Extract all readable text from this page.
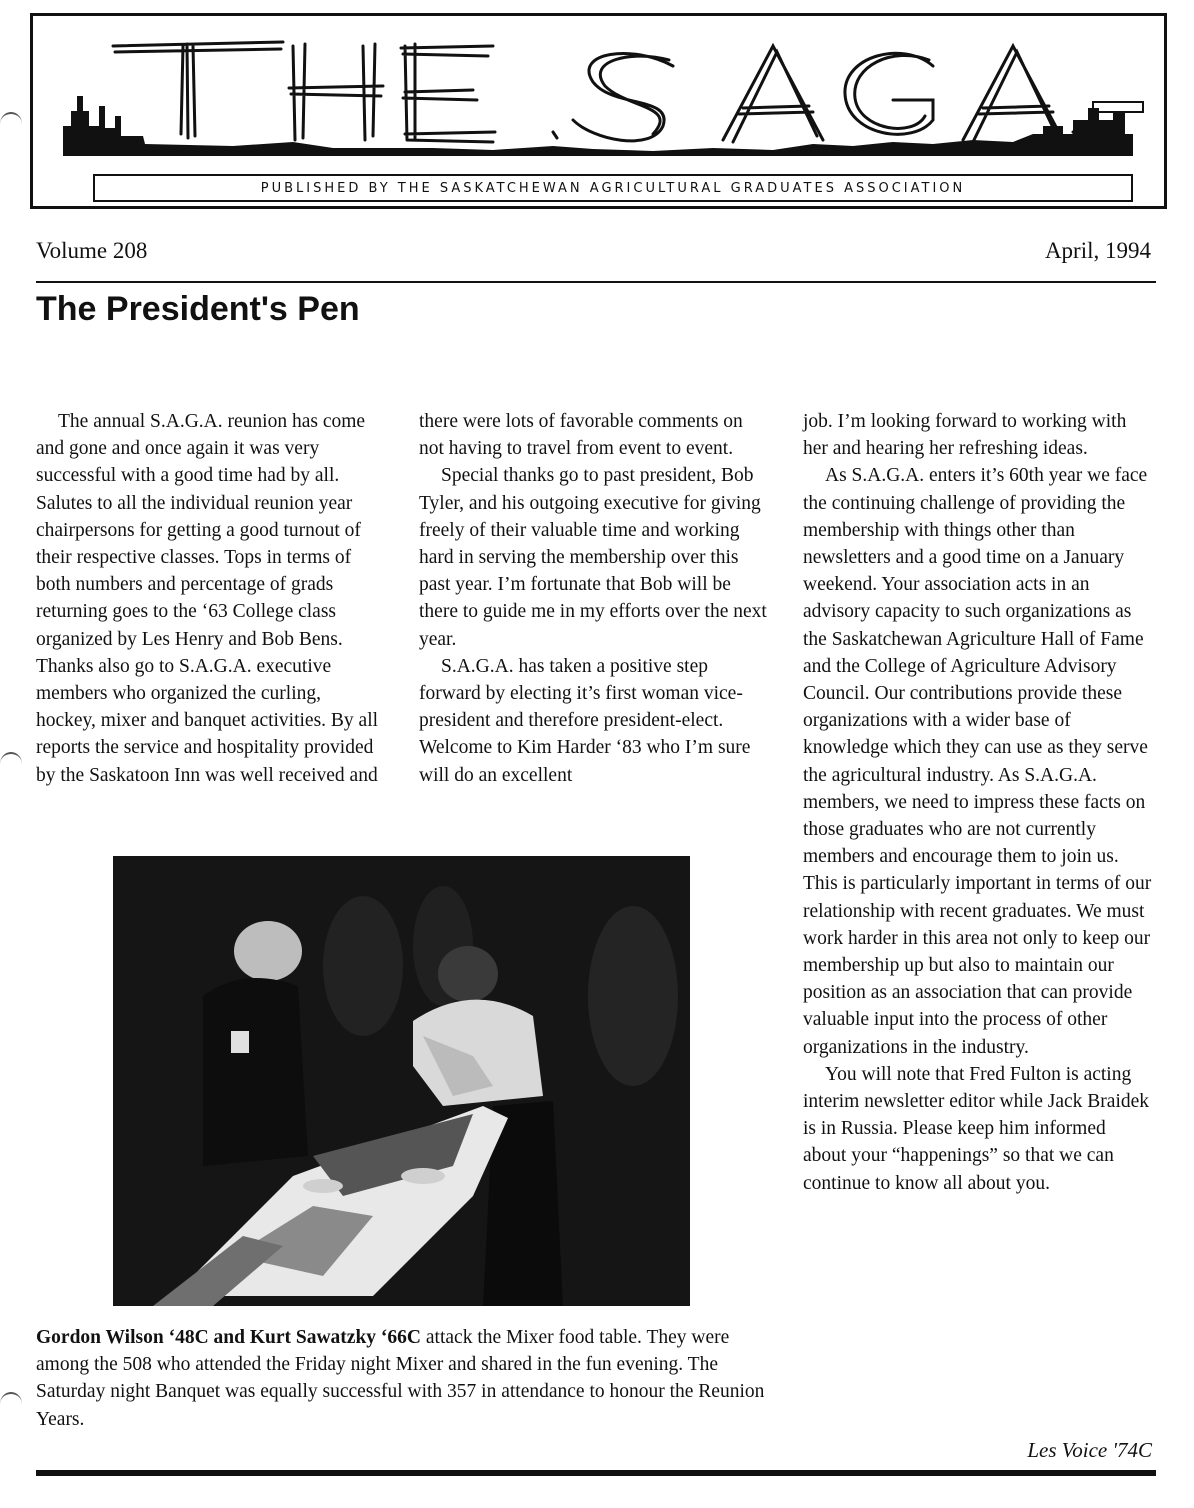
PUBLISHED BY THE SASKATCHEWAN AGRICULTURAL GRADUATES ASSOCIATION
Volume 208	April, 1994
The President's Pen

The annual S.A.G.A. reunion has come and gone and once again it was very successful with a good time had by all. Salutes to all the individual reunion year chairpersons for getting a good turnout of their respective classes. Tops in terms of both numbers and percentage of grads returning goes to the ‘63 College class organized by Les Henry and Bob Bens. Thanks also go to S.A.G.A. executive members who organized the curling, hockey, mixer and banquet activities. By all reports the service and hospitality provided by the Saskatoon Inn was well received and

there were lots of favorable comments on not having to travel from event to event.

Special thanks go to past president, Bob Tyler, and his outgoing executive for giving freely of their valuable time and working hard in serving the membership over this past year. I’m fortunate that Bob will be there to guide me in my efforts over the next year.

S.A.G.A. has taken a positive step forward by electing it’s first woman vice-president and therefore president-elect. Welcome to Kim Harder ‘83 who I’m sure will do an excellent

job. I’m looking forward to working with her and hearing her refreshing ideas.

As S.A.G.A. enters it’s 60th year we face the continuing challenge of providing the membership with things other than newsletters and a good time on a January weekend. Your association acts in an advisory capacity to such organizations as the Saskatchewan Agriculture Hall of Fame and the College of Agriculture Advisory Council. Our contributions provide these organizations with a wider base of knowledge which they can use as they serve the agricultural industry. As S.A.G.A. members, we need to impress these facts on those graduates who are not currently members and encourage them to join us. This is particularly important in terms of our relationship with recent graduates. We must work harder in this area not only to keep our membership up but also to maintain our position as an association that can provide valuable input into the process of other organizations in the industry.

You will note that Fred Fulton is acting interim newsletter editor while Jack Braidek is in Russia. Please keep him informed about your “happenings” so that we can continue to know all about you.

Gordon Wilson ‘48C and Kurt Sawatzky ‘66C attack the Mixer food table. They were among the 508 who attended the Friday night Mixer and shared in the fun evening. The Saturday night Banquet was equally successful with 357 in attendance to honour the Reunion Years.
Les Voice '74C
